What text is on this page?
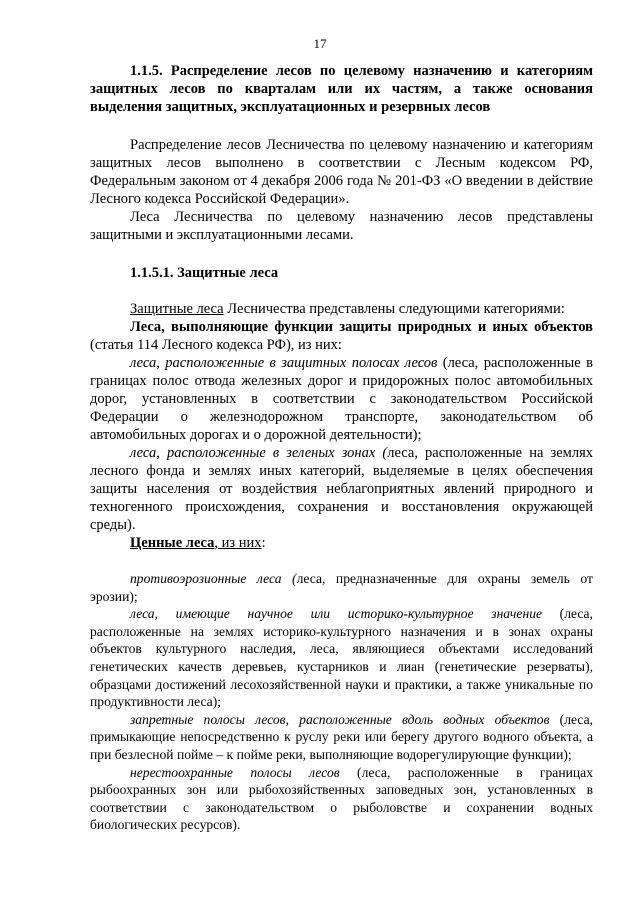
17

1.1.5. Распределение лесов по целевому назначению и категориям защитных лесов по кварталам или их частям, а также основания выделения защитных, эксплуатационных и резервных лесов

Распределение лесов Лесничества по целевому назначению и категориям защитных лесов выполнено в соответствии с Лесным кодексом РФ, Федеральным законом от 4 декабря 2006 года № 201-ФЗ «О введении в действие Лесного кодекса Российской Федерации».

Леса Лесничества по целевому назначению лесов представлены защитными и эксплуатационными лесами.

1.1.5.1. Защитные леса

Защитные леса Лесничества представлены следующими категориями:

Леса, выполняющие функции защиты природных и иных объектов (статья 114 Лесного кодекса РФ), из них:

леса, расположенные в защитных полосах лесов (леса, расположенные в границах полос отвода железных дорог и придорожных полос автомобильных дорог, установленных в соответствии с законодательством Российской Федерации о железнодорожном транспорте, законодательством об автомобильных дорогах и о дорожной деятельности);

леса, расположенные в зеленых зонах (леса, расположенные на землях лесного фонда и землях иных категорий, выделяемые в целях обеспечения защиты населения от воздействия неблагоприятных явлений природного и техногенного происхождения, сохранения и восстановления окружающей среды).

Ценные леса, из них:

противоэрозионные леса (леса, предназначенные для охраны земель от эрозии);

леса, имеющие научное или историко-культурное значение (леса, расположенные на землях историко-культурного назначения и в зонах охраны объектов культурного наследия, леса, являющиеся объектами исследований генетических качеств деревьев, кустарников и лиан (генетические резерваты), образцами достижений лесохозяйственной науки и практики, а также уникальные по продуктивности леса);

запретные полосы лесов, расположенные вдоль водных объектов (леса, примыкающие непосредственно к руслу реки или берегу другого водного объекта, а при безлесной пойме – к пойме реки, выполняющие водорегулирующие функции);

нерестоохранные полосы лесов (леса, расположенные в границах рыбоохранных зон или рыбохозяйственных заповедных зон, установленных в соответствии с законодательством о рыболовстве и сохранении водных биологических ресурсов).
